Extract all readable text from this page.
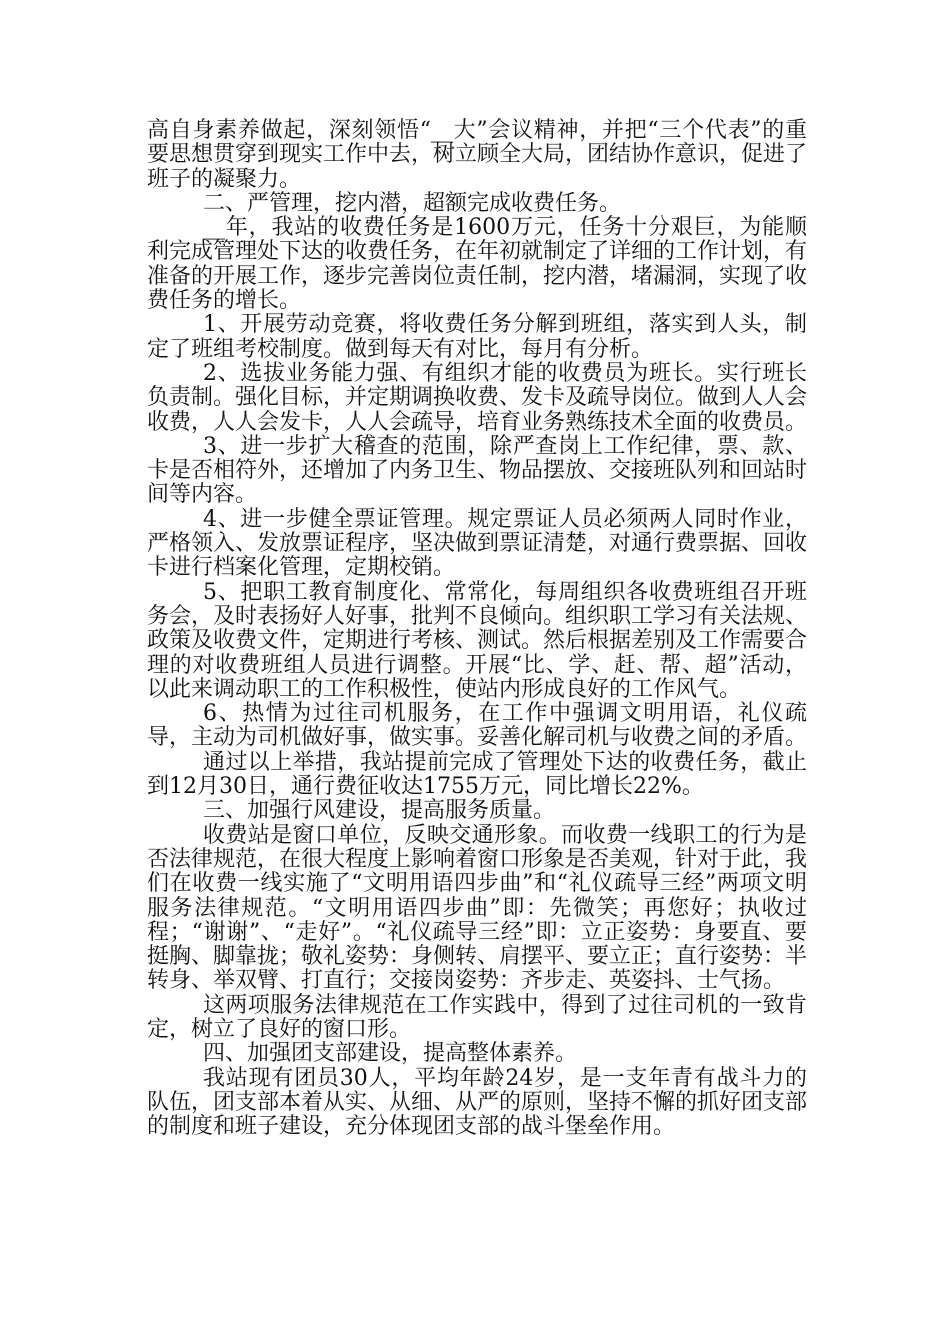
高自身素养做起，深刻领悟“__大”会议精神，并把“三个代表”的重要思想贯穿到现实工作中去，树立顾全大局，团结协作意识，促进了班子的凝聚力。

二、严管理，挖内潜，超额完成收费任务。

__年，我站的收费任务是1600万元，任务十分艰巨，为能顺利完成管理处下达的收费任务，在年初就制定了详细的工作计划，有准备的开展工作，逐步完善岗位责任制，挖内潜，堵漏洞，实现了收费任务的增长。

1、开展劳动竞赛，将收费任务分解到班组，落实到人头，制定了班组考校制度。做到每天有对比，每月有分析。

2、选拔业务能力强、有组织才能的收费员为班长。实行班长负责制。强化目标，并定期调换收费、发卡及疏导岗位。做到人人会收费，人人会发卡，人人会疏导，培育业务熟练技术全面的收费员。

3、进一步扩大稽查的范围，除严查岗上工作纪律，票、款、卡是否相符外，还增加了内务卫生、物品摆放、交接班队列和回站时间等内容。

4、进一步健全票证管理。规定票证人员必须两人同时作业，严格领入、发放票证程序，坚决做到票证清楚，对通行费票据、回收卡进行档案化管理，定期校销。

5、把职工教育制度化、常常化，每周组织各收费班组召开班务会，及时表扬好人好事，批判不良倾向。组织职工学习有关法规、政策及收费文件，定期进行考核、测试。然后根据差别及工作需要合理的对收费班组人员进行调整。开展“比、学、赶、帮、超”活动，以此来调动职工的工作积极性，使站内形成良好的工作风气。

6、热情为过往司机服务，在工作中强调文明用语，礼仪疏导，主动为司机做好事，做实事。妥善化解司机与收费之间的矛盾。

通过以上举措，我站提前完成了管理处下达的收费任务，截止到12月30日，通行费征收达1755万元，同比增长22%。

三、加强行风建设，提高服务质量。

收费站是窗口单位，反映交通形象。而收费一线职工的行为是否法律规范，在很大程度上影响着窗口形象是否美观，针对于此，我们在收费一线实施了“文明用语四步曲”和“礼仪疏导三经”两项文明服务法律规范。“文明用语四步曲”即：先微笑；再您好；执收过程；“谢谢”、“走好”。“礼仪疏导三经”即：立正姿势：身要直、要挺胸、脚靠拢；敬礼姿势：身侧转、肩摆平、要立正；直行姿势：半转身、举双臂、打直行；交接岗姿势：齐步走、英姿抖、士气扬。

这两项服务法律规范在工作实践中，得到了过往司机的一致肯定，树立了良好的窗口形。

四、加强团支部建设，提高整体素养。

我站现有团员30人，平均年龄24岁，是一支年青有战斗力的队伍，团支部本着从实、从细、从严的原则，坚持不懈的抓好团支部的制度和班子建设，充分体现团支部的战斗堡垒作用。
